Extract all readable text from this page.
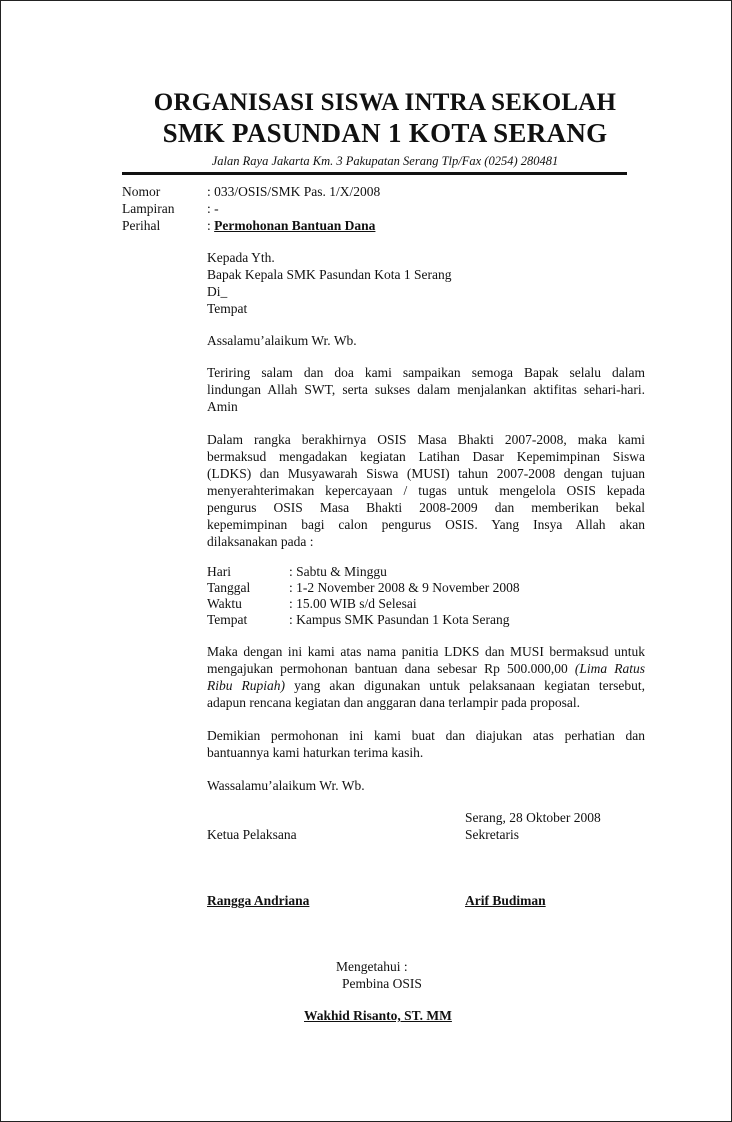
ORGANISASI SISWA INTRA SEKOLAH
SMK PASUNDAN 1 KOTA SERANG
Jalan Raya Jakarta Km. 3 Pakupatan Serang Tlp/Fax (0254) 280481
Nomor	: 033/OSIS/SMK Pas. 1/X/2008
Lampiran : -
Perihal	: Permohonan Bantuan Dana
Kepada Yth.
Bapak Kepala SMK Pasundan Kota 1 Serang
Di_
Tempat
Assalamu’alaikum Wr. Wb.
Teriring salam dan doa kami sampaikan semoga Bapak selalu dalam
lindungan Allah SWT, serta sukses dalam menjalankan aktifitas sehari-hari.
Amin
Dalam rangka berakhirnya OSIS Masa Bhakti 2007-2008, maka kami
bermaksud mengadakan kegiatan Latihan Dasar Kepemimpinan Siswa
(LDKS) dan Musyawarah Siswa (MUSI) tahun 2007-2008 dengan tujuan
menyerahterimakan kepercayaan / tugas untuk mengelola OSIS kepada
pengurus OSIS Masa Bhakti 2008-2009 dan memberikan bekal
kepemimpinan bagi calon pengurus OSIS. Yang Insya Allah akan
dilaksanakan pada :
Hari	: Sabtu & Minggu
Tanggal	: 1-2 November 2008 & 9 November 2008
Waktu	: 15.00 WIB s/d Selesai
Tempat	: Kampus SMK Pasundan 1 Kota Serang
Maka dengan ini kami atas nama panitia LDKS dan MUSI bermaksud untuk
mengajukan permohonan bantuan dana sebesar Rp 500.000,00 (Lima Ratus
Ribu Rupiah) yang akan digunakan untuk pelaksanaan kegiatan tersebut,
adapun rencana kegiatan dan anggaran dana terlampir pada proposal.
Demikian permohonan ini kami buat dan diajukan atas perhatian dan
bantuannya kami haturkan terima kasih.
Wassalamu’alaikum Wr. Wb.
Serang, 28 Oktober 2008
Ketua Pelaksana	Sekretaris
Rangga Andriana	Arif Budiman
Mengetahui :
Pembina OSIS
Wakhid Risanto, ST. MM
